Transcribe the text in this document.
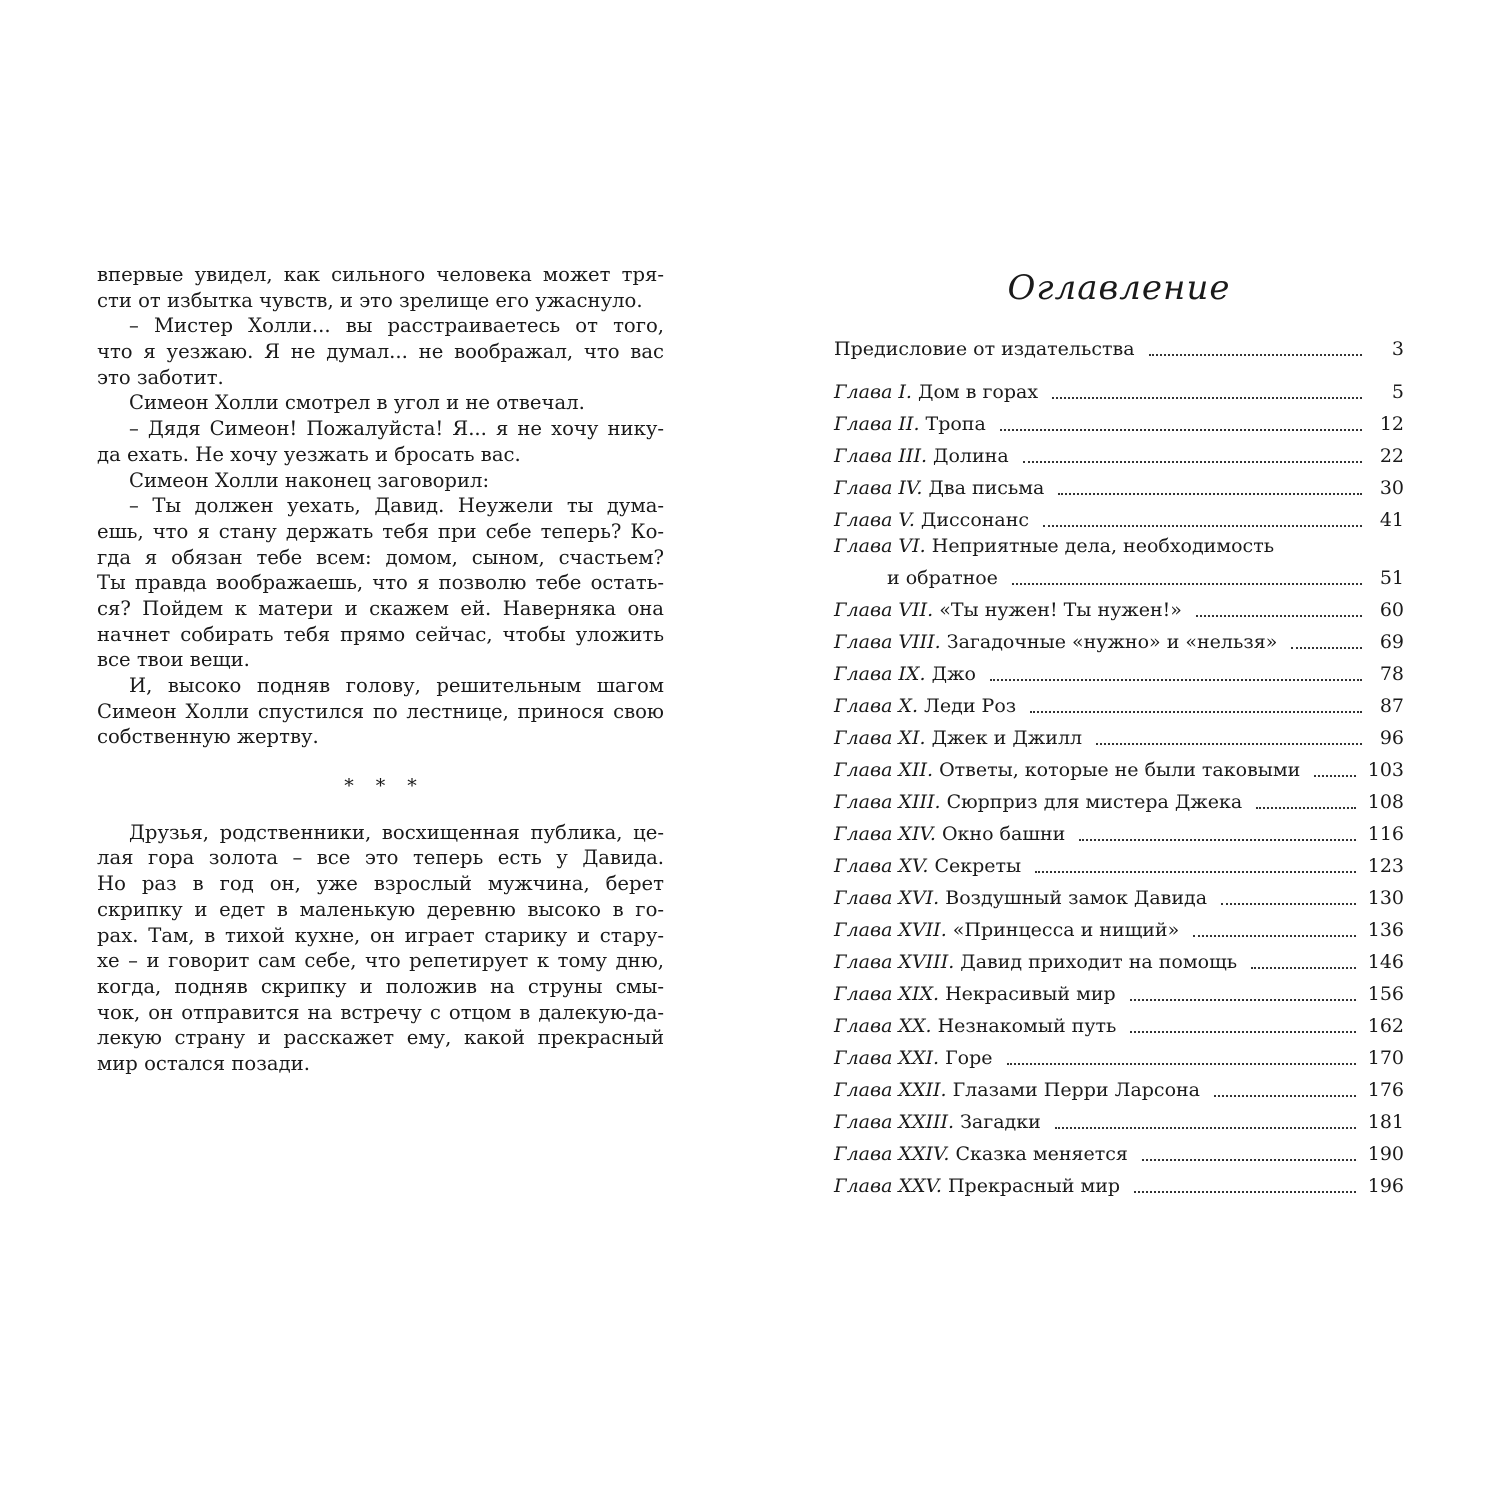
впервые увидел, как сильного человека может тря-
сти от избытка чувств, и это зрелище его ужаснуло.
– Мистер Холли... вы расстраиваетесь от того,
что я уезжаю. Я не думал... не воображал, что вас
это заботит.
Симеон Холли смотрел в угол и не отвечал.
– Дядя Симеон! Пожалуйста! Я... я не хочу нику-
да ехать. Не хочу уезжать и бросать вас.
Симеон Холли наконец заговорил:
– Ты должен уехать, Давид. Неужели ты дума-
ешь, что я стану держать тебя при себе теперь? Ко-
гда я обязан тебе всем: домом, сыном, счастьем?
Ты правда воображаешь, что я позволю тебе остать-
ся? Пойдем к матери и скажем ей. Наверняка она
начнет собирать тебя прямо сейчас, чтобы уложить
все твои вещи.
И, высоко подняв голову, решительным шагом
Симеон Холли спустился по лестнице, принося свою
собственную жертву.
* * *
Друзья, родственники, восхищенная публика, це-
лая гора золота – все это теперь есть у Давида.
Но раз в год он, уже взрослый мужчина, берет
скрипку и едет в маленькую деревню высоко в го-
рах. Там, в тихой кухне, он играет старику и стару-
хе – и говорит сам себе, что репетирует к тому дню,
когда, подняв скрипку и положив на струны смы-
чок, он отправится на встречу с отцом в далекую-да-
лекую страну и расскажет ему, какой прекрасный
мир остался позади.
Оглавление
Предисловие от издательства	3
Глава I. Дом в горах	5
Глава II. Тропа	12
Глава III. Долина	22
Глава IV. Два письма	30
Глава V. Диссонанс	41
Глава VI. Неприятные дела, необходимость
и обратное	51
Глава VII. «Ты нужен! Ты нужен!»	60
Глава VIII. Загадочные «нужно» и «нельзя»	69
Глава IX. Джо	78
Глава X. Леди Роз	87
Глава XI. Джек и Джилл	96
Глава XII. Ответы, которые не были таковыми	103
Глава XIII. Сюрприз для мистера Джека	108
Глава XIV. Окно башни	116
Глава XV. Секреты	123
Глава XVI. Воздушный замок Давида	130
Глава XVII. «Принцесса и нищий»	136
Глава XVIII. Давид приходит на помощь	146
Глава XIX. Некрасивый мир	156
Глава XX. Незнакомый путь	162
Глава XXI. Горе	170
Глава XXII. Глазами Перри Ларсона	176
Глава XXIII. Загадки	181
Глава XXIV. Сказка меняется	190
Глава XXV. Прекрасный мир	196
